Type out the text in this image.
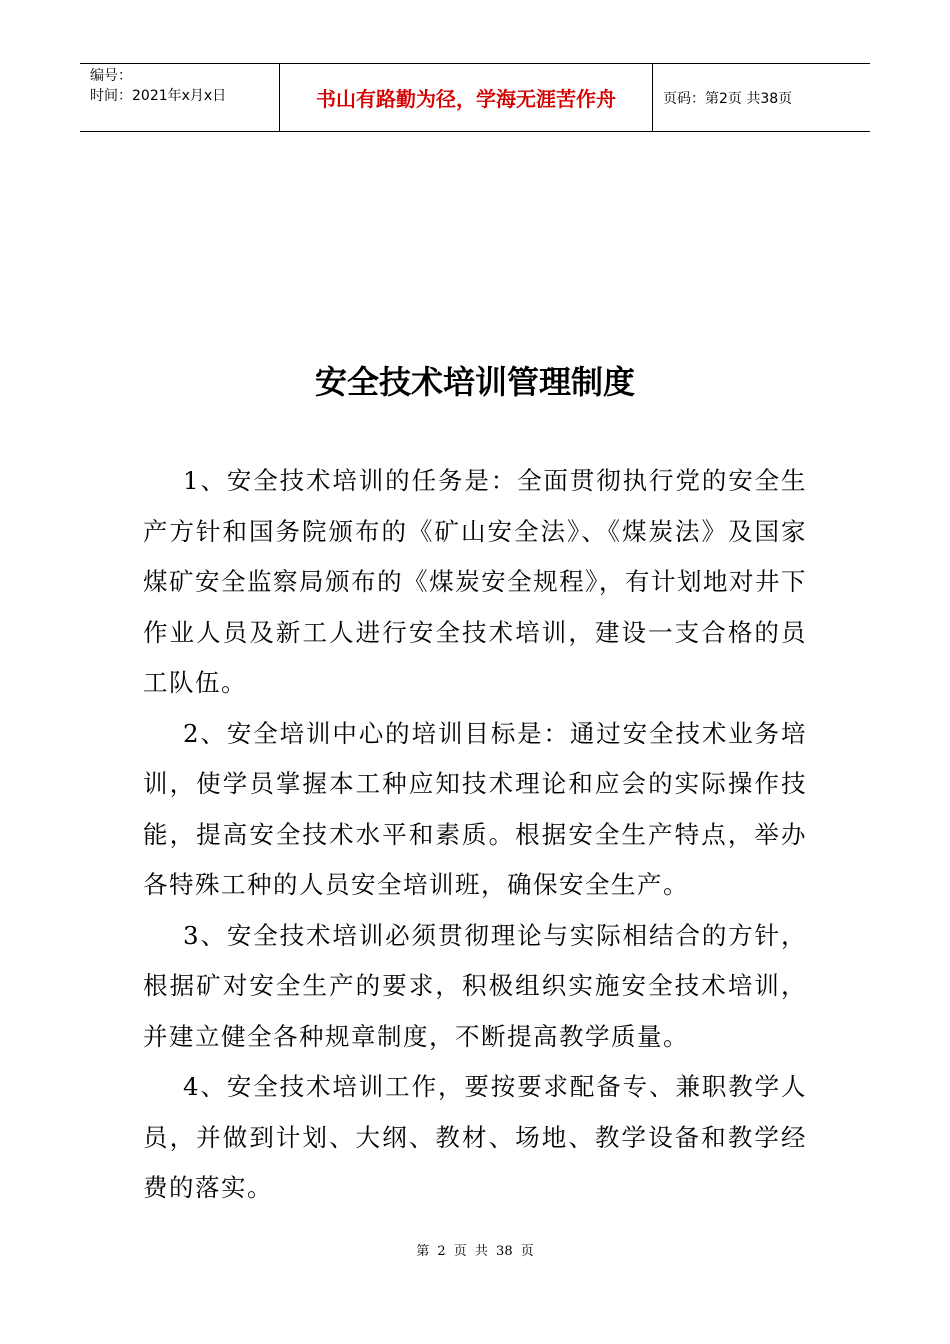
编号：
时间：2021年x月x日	书山有路勤为径，学海无涯苦作舟	页码：第2页 共38页
安全技术培训管理制度

1、安全技术培训的任务是：全面贯彻执行党的安全生产方针和国务院颁布的《矿山安全法》、《煤炭法》及国家煤矿安全监察局颁布的《煤炭安全规程》，有计划地对井下作业人员及新工人进行安全技术培训，建设一支合格的员工队伍。

2、安全培训中心的培训目标是：通过安全技术业务培训，使学员掌握本工种应知技术理论和应会的实际操作技能，提高安全技术水平和素质。根据安全生产特点，举办各特殊工种的人员安全培训班，确保安全生产。

3、安全技术培训必须贯彻理论与实际相结合的方针，根据矿对安全生产的要求，积极组织实施安全技术培训，并建立健全各种规章制度，不断提高教学质量。

4、安全技术培训工作，要按要求配备专、兼职教学人员，并做到计划、大纲、教材、场地、教学设备和教学经费的落实。

第 2 页 共 38 页
